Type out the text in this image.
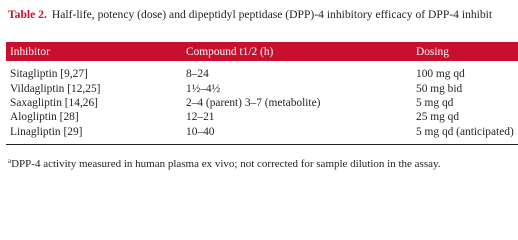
Table 2. Half-life, potency (dose) and dipeptidyl peptidase (DPP)-4 inhibitory efficacy of DPP-4 inhibit
Inhibitor	Compound t1/2 (h)	Dosing
Sitagliptin [9,27]	8–24	100 mg qd
Vildagliptin [12,25]	1½–4½	50 mg bid
Saxagliptin [14,26]	2–4 (parent) 3–7 (metabolite)	5 mg qd
Alogliptin [28]	12–21	25 mg qd
Linagliptin [29]	10–40	5 mg qd (anticipated)
$^a$DPP-4 activity measured in human plasma ex vivo; not corrected for sample dilution in the assay.
